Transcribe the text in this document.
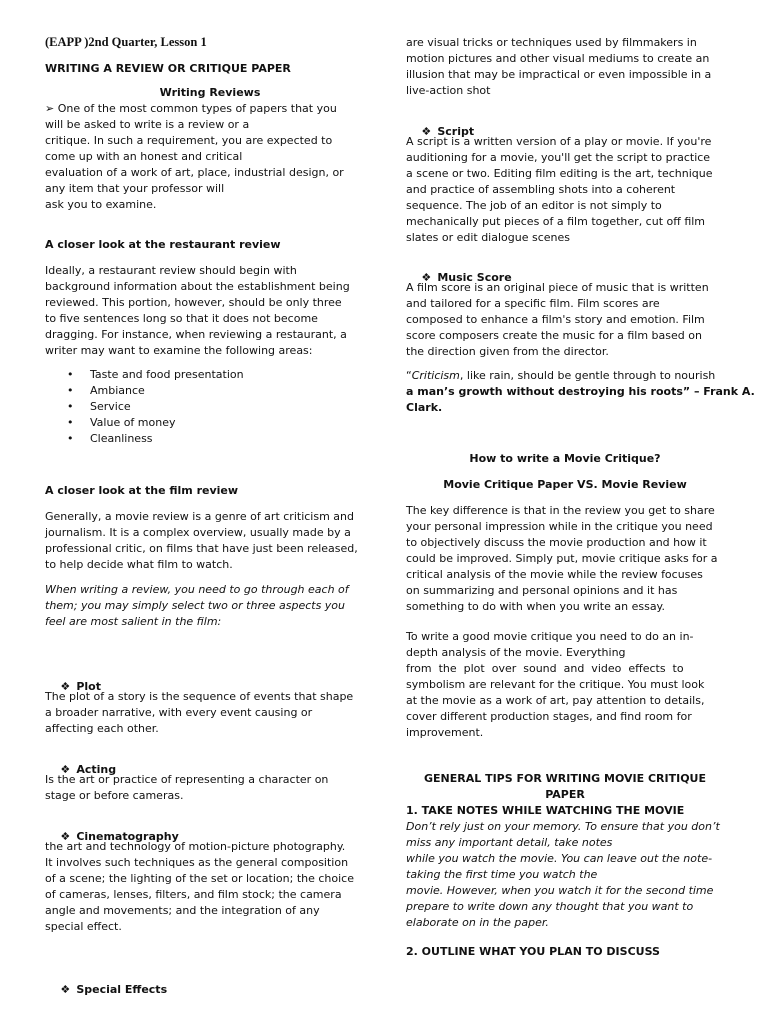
(EAPP )2nd Quarter, Lesson 1
WRITING A REVIEW OR CRITIQUE PAPER
Writing Reviews
➢ One of the most common types of papers that you
will be asked to write is a review or a
critique. In such a requirement, you are expected to
come up with an honest and critical
evaluation of a work of art, place, industrial design, or
any item that your professor will
ask you to examine.
A closer look at the restaurant review
Ideally, a restaurant review should begin with
background information about the establishment being
reviewed. This portion, however, should be only three
to five sentences long so that it does not become
dragging. For instance, when reviewing a restaurant, a
writer may want to examine the following areas:
• Taste and food presentation
• Ambiance
• Service
• Value of money
• Cleanliness
A closer look at the film review
Generally, a movie review is a genre of art criticism and
journalism. It is a complex overview, usually made by a
professional critic, on films that have just been released,
to help decide what film to watch.
When writing a review, you need to go through each of
them; you may simply select two or three aspects you
feel are most salient in the film:

❖ Plot

The plot of a story is the sequence of events that shape
a broader narrative, with every event causing or
affecting each other.

❖ Acting

Is the art or practice of representing a character on
stage or before cameras.

❖ Cinematography

the art and technology of motion-picture photography.
It involves such techniques as the general composition
of a scene; the lighting of the set or location; the choice
of cameras, lenses, filters, and film stock; the camera
angle and movements; and the integration of any
special effect.

❖ Special Effects

are visual tricks or techniques used by filmmakers in
motion pictures and other visual mediums to create an
illusion that may be impractical or even impossible in a
live-action shot

❖ Script

A script is a written version of a play or movie. If you're
auditioning for a movie, you'll get the script to practice
a scene or two. Editing film editing is the art, technique
and practice of assembling shots into a coherent
sequence. The job of an editor is not simply to
mechanically put pieces of a film together, cut off film
slates or edit dialogue scenes

❖ Music Score

A film score is an original piece of music that is written
and tailored for a specific film. Film scores are
composed to enhance a film's story and emotion. Film
score composers create the music for a film based on
the direction given from the director.
“Criticism, like rain, should be gentle through to nourish
a man’s growth without destroying his roots” – Frank A.
Clark.
How to write a Movie Critique?
Movie Critique Paper VS. Movie Review
The key difference is that in the review you get to share
your personal impression while in the critique you need
to objectively discuss the movie production and how it
could be improved. Simply put, movie critique asks for a
critical analysis of the movie while the review focuses
on summarizing and personal opinions and it has
something to do with when you write an essay.
To write a good movie critique you need to do an in-
depth analysis of the movie. Everything
from  the  plot  over  sound  and  video  effects  to
symbolism are relevant for the critique. You must look
at the movie as a work of art, pay attention to details,
cover different production stages, and find room for
improvement.
GENERAL TIPS FOR WRITING MOVIE CRITIQUE PAPER
1. TAKE NOTES WHILE WATCHING THE MOVIE
Don’t rely just on your memory. To ensure that you don’t
miss any important detail, take notes
while you watch the movie. You can leave out the note-
taking the first time you watch the
movie. However, when you watch it for the second time
prepare to write down any thought that you want to
elaborate on in the paper.
2. OUTLINE WHAT YOU PLAN TO DISCUSS
